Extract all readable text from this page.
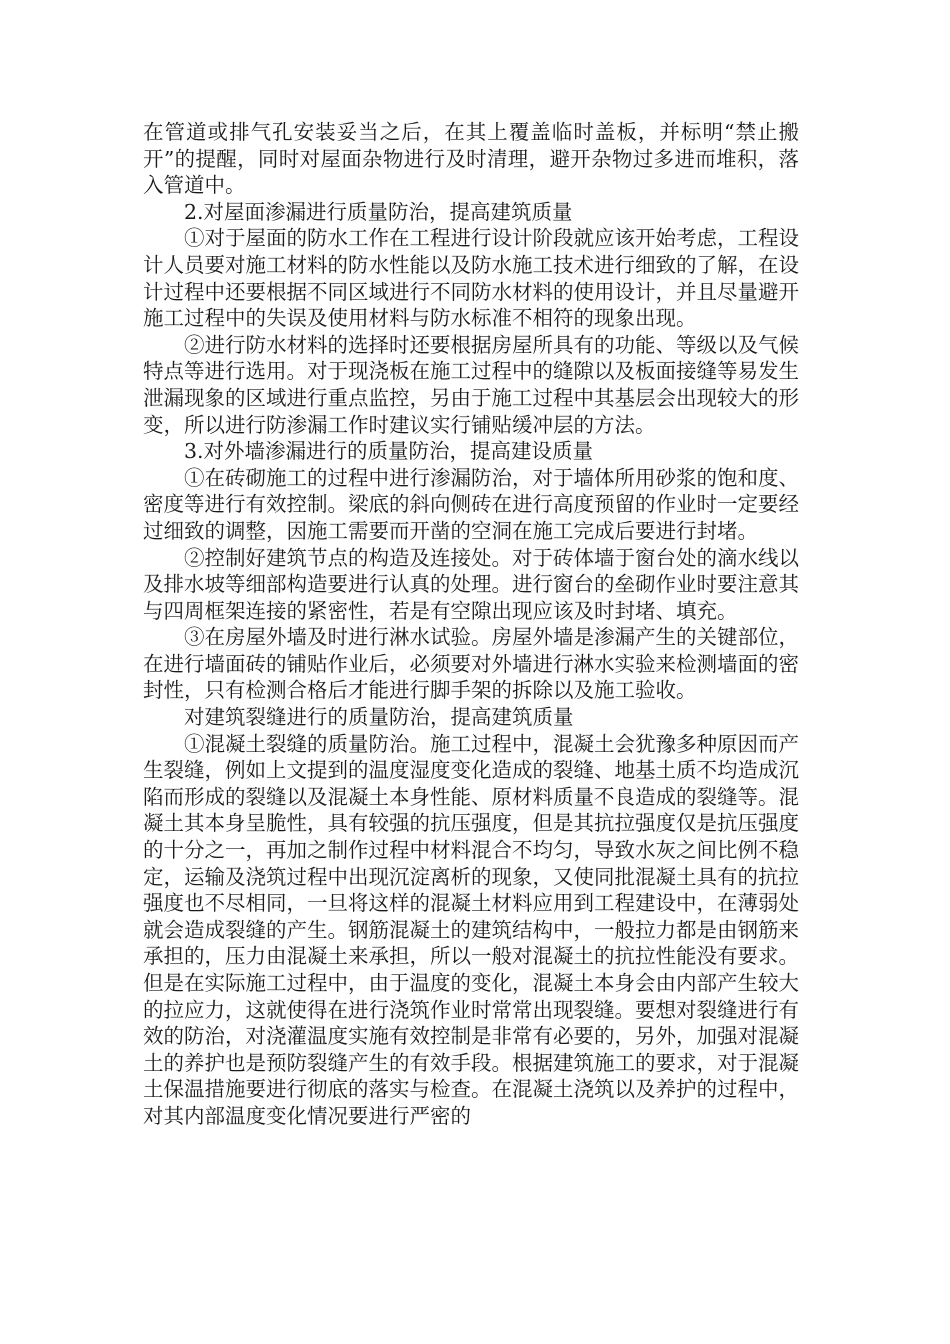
在管道或排气孔安装妥当之后，在其上覆盖临时盖板，并标明“禁止搬开”的提醒，同时对屋面杂物进行及时清理，避开杂物过多进而堆积，落入管道中。

2.对屋面渗漏进行质量防治，提高建筑质量

①对于屋面的防水工作在工程进行设计阶段就应该开始考虑，工程设计人员要对施工材料的防水性能以及防水施工技术进行细致的了解，在设计过程中还要根据不同区域进行不同防水材料的使用设计，并且尽量避开施工过程中的失误及使用材料与防水标准不相符的现象出现。

②进行防水材料的选择时还要根据房屋所具有的功能、等级以及气候特点等进行选用。对于现浇板在施工过程中的缝隙以及板面接缝等易发生泄漏现象的区域进行重点监控，另由于施工过程中其基层会出现较大的形变，所以进行防渗漏工作时建议实行铺贴缓冲层的方法。

3.对外墙渗漏进行的质量防治，提高建设质量

①在砖砌施工的过程中进行渗漏防治，对于墙体所用砂浆的饱和度、密度等进行有效控制。梁底的斜向侧砖在进行高度预留的作业时一定要经过细致的调整，因施工需要而开凿的空洞在施工完成后要进行封堵。

②控制好建筑节点的构造及连接处。对于砖体墙于窗台处的滴水线以及排水坡等细部构造要进行认真的处理。进行窗台的垒砌作业时要注意其与四周框架连接的紧密性，若是有空隙出现应该及时封堵、填充。

③在房屋外墙及时进行淋水试验。房屋外墙是渗漏产生的关键部位，在进行墙面砖的铺贴作业后，必须要对外墙进行淋水实验来检测墙面的密封性，只有检测合格后才能进行脚手架的拆除以及施工验收。

对建筑裂缝进行的质量防治，提高建筑质量

①混凝土裂缝的质量防治。施工过程中，混凝土会犹豫多种原因而产生裂缝，例如上文提到的温度湿度变化造成的裂缝、地基土质不均造成沉陷而形成的裂缝以及混凝土本身性能、原材料质量不良造成的裂缝等。混凝土其本身呈脆性，具有较强的抗压强度，但是其抗拉强度仅是抗压强度的十分之一，再加之制作过程中材料混合不均匀，导致水灰之间比例不稳定，运输及浇筑过程中出现沉淀离析的现象，又使同批混凝土具有的抗拉强度也不尽相同，一旦将这样的混凝土材料应用到工程建设中，在薄弱处就会造成裂缝的产生。钢筋混凝土的建筑结构中，一般拉力都是由钢筋来承担的，压力由混凝土来承担，所以一般对混凝土的抗拉性能没有要求。但是在实际施工过程中，由于温度的变化，混凝土本身会由内部产生较大的拉应力，这就使得在进行浇筑作业时常常出现裂缝。要想对裂缝进行有效的防治，对浇灌温度实施有效控制是非常有必要的，另外，加强对混凝土的养护也是预防裂缝产生的有效手段。根据建筑施工的要求，对于混凝土保温措施要进行彻底的落实与检查。在混凝土浇筑以及养护的过程中，对其内部温度变化情况要进行严密的
